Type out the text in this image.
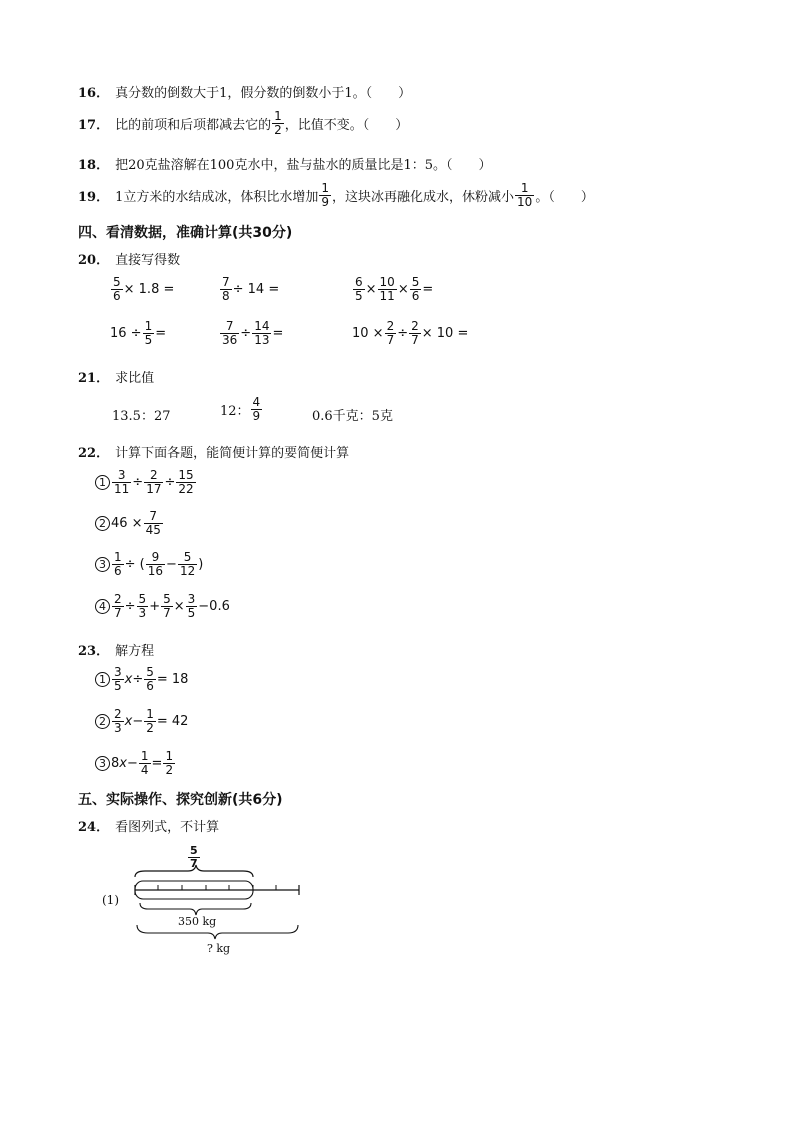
16． 真分数的倒数大于1，假分数的倒数小于1。（　　）
17． 比的前项和后项都减去它的 $\frac{1}{2}$ ，比值不变。（　　）
18． 把20克盐溶解在100克水中，盐与盐水的质量比是1：5。（　　）
19． 1立方米的水结成冰，体积比水增加 $\frac{1}{9}$ ，这块冰再融化成水，休粉减小 $\frac{1}{10}$ 。（　　）
四、看清数据，准确计算(共30分)
20． 直接写得数
$\frac{5}{6} \times 1.8$ =	$\frac{7}{8} \div 14$ =	$\frac{6}{5} \times \frac{10}{11} \times \frac{5}{6}$ =
$16 \div \frac{1}{5}$ =	$\frac{7}{36} \div \frac{14}{13}$ =	$10 \times \frac{2}{7} \div \frac{2}{7} \times 10$ =
21． 求比值
13.5：27	12： $\frac{4}{9}$	0.6千克：5克
22． 计算下面各题，能简便计算的要简便计算
$1 \frac{3}{11} \div \frac{2}{17} \div \frac{15}{22}$
2 $46 \times \frac{7}{45}$
$3 \frac{1}{6}$ ÷ ( $\frac{9}{16} - \frac{5}{12}$ )
$4 \frac{2}{7} \div \frac{5}{3} + \frac{5}{7} \times \frac{3}{5} -0.6$
23． 解方程
$1 \frac{3}{5}$ $x \div \frac{5}{6} = 18$
$2 \frac{2}{3}$ $x - \frac{1}{2} = 42$
3 8 $x - \frac{1}{4} = \frac{1}{2}$
五、实际操作、探究创新(共6分)
24． 看图列式，不计算
(1)
$\frac{5}{7}$
350 kg
? kg
